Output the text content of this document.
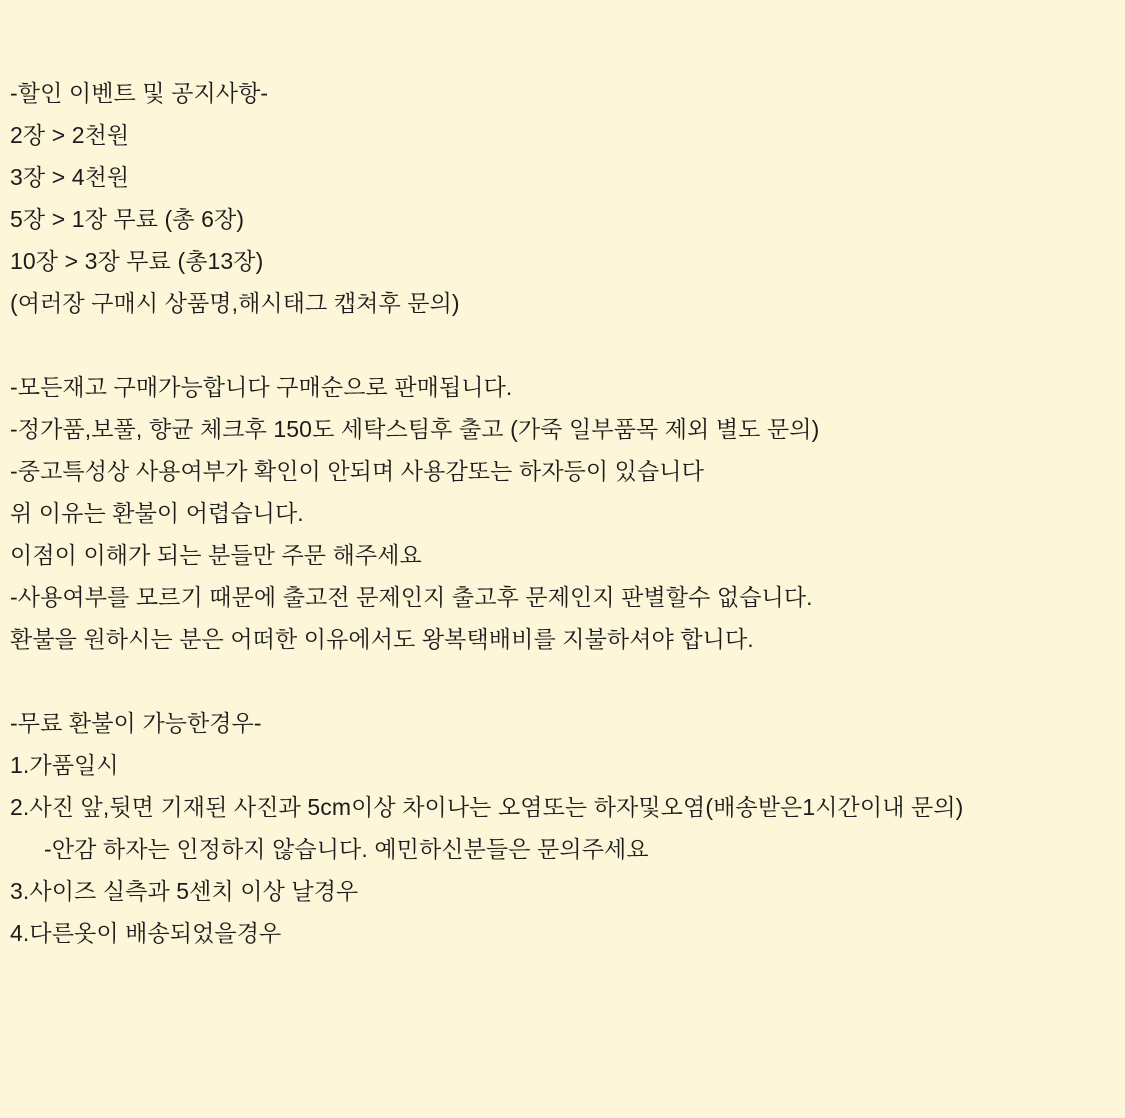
-할인 이벤트 및 공지사항-
2장 > 2천원
3장 > 4천원
5장 > 1장 무료 (총 6장)
10장 > 3장 무료 (총13장)
(여러장 구매시 상품명,해시태그 캡쳐후 문의)
-모든재고 구매가능합니다 구매순으로 판매됩니다.
-정가품,보풀, 향균 체크후 150도 세탁스팀후 출고 (가죽 일부품목 제외 별도 문의)
-중고특성상 사용여부가 확인이 안되며 사용감또는 하자등이 있습니다
위 이유는 환불이 어렵습니다.
이점이 이해가 되는 분들만 주문 해주세요
-사용여부를 모르기 때문에 출고전 문제인지 출고후 문제인지 판별할수 없습니다.
환불을 원하시는 분은 어떠한 이유에서도 왕복택배비를 지불하셔야 합니다.
-무료 환불이 가능한경우-
1.가품일시
2.사진 앞,뒷면 기재된 사진과 5cm이상 차이나는 오염또는 하자및오염(배송받은1시간이내 문의)
-안감 하자는 인정하지 않습니다. 예민하신분들은 문의주세요
3.사이즈 실측과 5센치 이상 날경우
4.다른옷이 배송되었을경우
